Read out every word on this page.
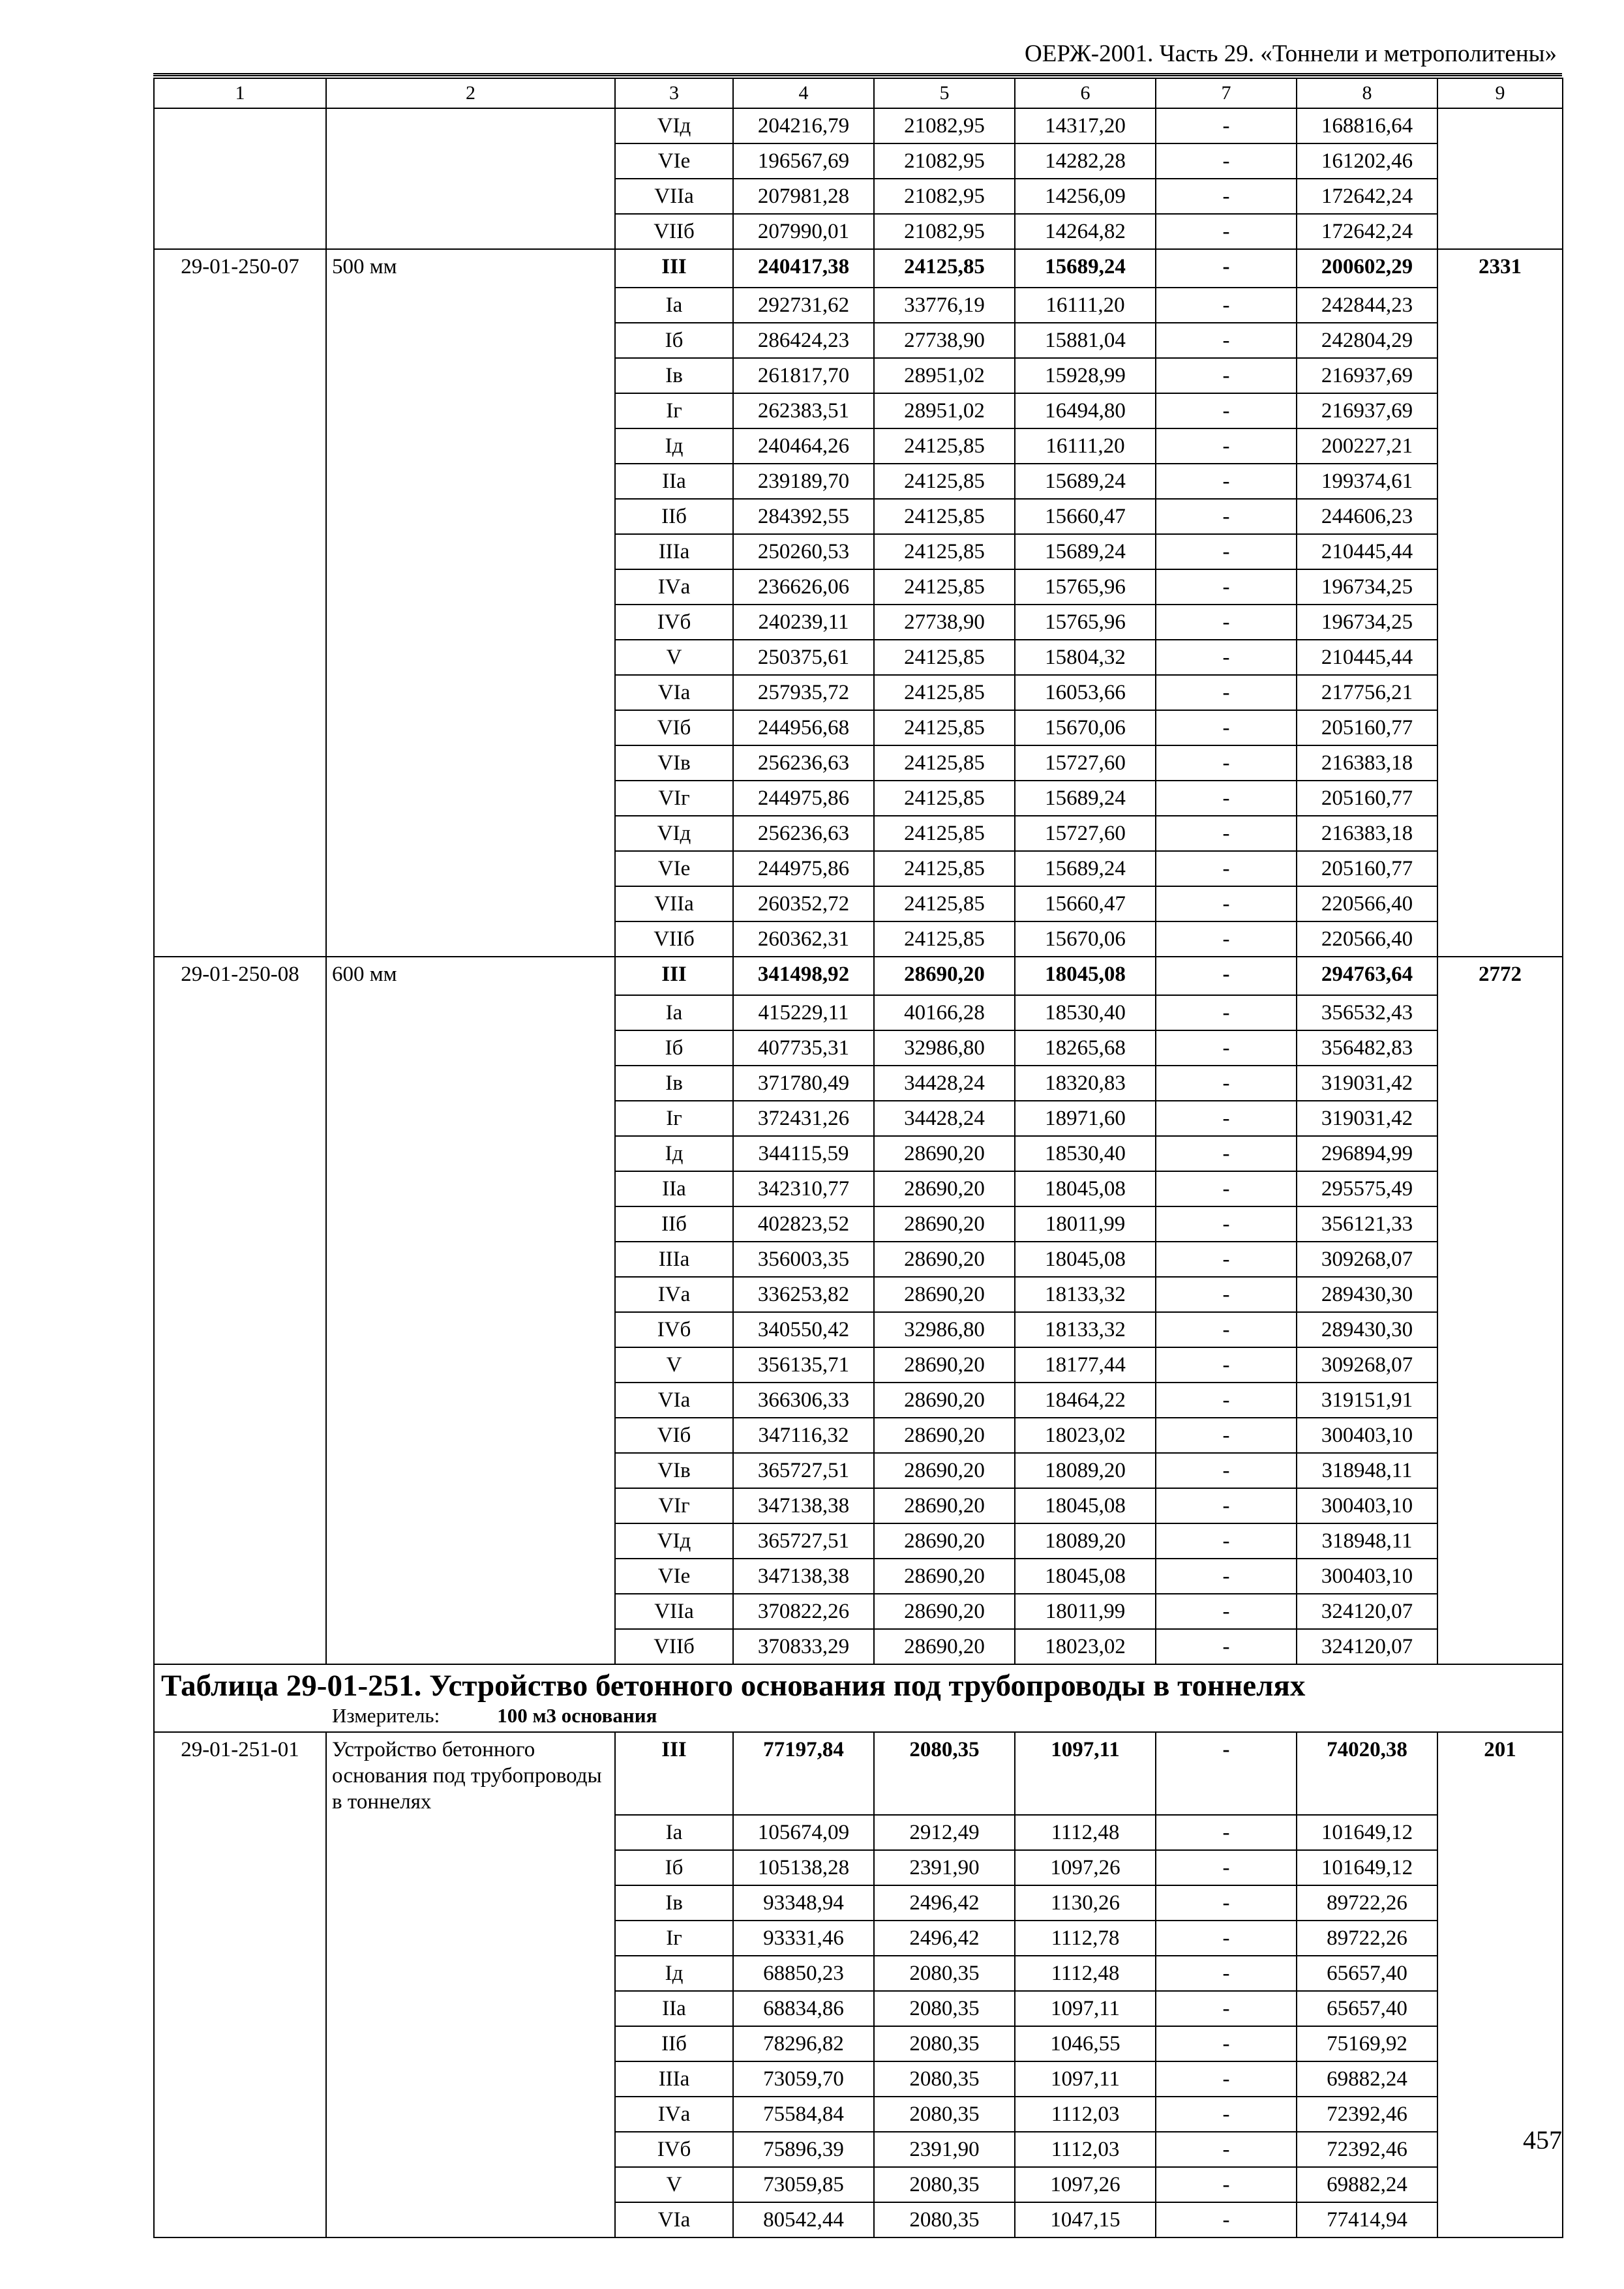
ОЕРЖ-2001. Часть 29. «Тоннели и метрополитены»
1	2	3	4	5	6	7	8	9
		VIд	204216,79	21082,95	14317,20	-	168816,64	
		VIе	196567,69	21082,95	14282,28	-	161202,46	
		VIIа	207981,28	21082,95	14256,09	-	172642,24	
		VIIб	207990,01	21082,95	14264,82	-	172642,24	
29-01-250-07	500 мм	III	240417,38	24125,85	15689,24	-	200602,29	2331
		Iа	292731,62	33776,19	16111,20	-	242844,23	
		Iб	286424,23	27738,90	15881,04	-	242804,29	
		Iв	261817,70	28951,02	15928,99	-	216937,69	
		Iг	262383,51	28951,02	16494,80	-	216937,69	
		Iд	240464,26	24125,85	16111,20	-	200227,21	
		IIа	239189,70	24125,85	15689,24	-	199374,61	
		IIб	284392,55	24125,85	15660,47	-	244606,23	
		IIIа	250260,53	24125,85	15689,24	-	210445,44	
		IVа	236626,06	24125,85	15765,96	-	196734,25	
		IVб	240239,11	27738,90	15765,96	-	196734,25	
		V	250375,61	24125,85	15804,32	-	210445,44	
		VIа	257935,72	24125,85	16053,66	-	217756,21	
		VIб	244956,68	24125,85	15670,06	-	205160,77	
		VIв	256236,63	24125,85	15727,60	-	216383,18	
		VIг	244975,86	24125,85	15689,24	-	205160,77	
		VIд	256236,63	24125,85	15727,60	-	216383,18	
		VIе	244975,86	24125,85	15689,24	-	205160,77	
		VIIа	260352,72	24125,85	15660,47	-	220566,40	
		VIIб	260362,31	24125,85	15670,06	-	220566,40	
29-01-250-08	600 мм	III	341498,92	28690,20	18045,08	-	294763,64	2772
		Iа	415229,11	40166,28	18530,40	-	356532,43	
		Iб	407735,31	32986,80	18265,68	-	356482,83	
		Iв	371780,49	34428,24	18320,83	-	319031,42	
		Iг	372431,26	34428,24	18971,60	-	319031,42	
		Iд	344115,59	28690,20	18530,40	-	296894,99	
		IIа	342310,77	28690,20	18045,08	-	295575,49	
		IIб	402823,52	28690,20	18011,99	-	356121,33	
		IIIа	356003,35	28690,20	18045,08	-	309268,07	
		IVа	336253,82	28690,20	18133,32	-	289430,30	
		IVб	340550,42	32986,80	18133,32	-	289430,30	
		V	356135,71	28690,20	18177,44	-	309268,07	
		VIа	366306,33	28690,20	18464,22	-	319151,91	
		VIб	347116,32	28690,20	18023,02	-	300403,10	
		VIв	365727,51	28690,20	18089,20	-	318948,11	
		VIг	347138,38	28690,20	18045,08	-	300403,10	
		VIд	365727,51	28690,20	18089,20	-	318948,11	
		VIе	347138,38	28690,20	18045,08	-	300403,10	
		VIIа	370822,26	28690,20	18011,99	-	324120,07	
		VIIб	370833,29	28690,20	18023,02	-	324120,07	

Таблица 29-01-251. Устройство бетонного основания под трубопроводы в тоннелях
Измеритель: 100 м3 основания								

29-01-251-01	Устройство бетонного основания под трубопроводы в тоннелях	III	77197,84	2080,35	1097,11	-	74020,38	201
		Iа	105674,09	2912,49	1112,48	-	101649,12	
		Iб	105138,28	2391,90	1097,26	-	101649,12	
		Iв	93348,94	2496,42	1130,26	-	89722,26	
		Iг	93331,46	2496,42	1112,78	-	89722,26	
		Iд	68850,23	2080,35	1112,48	-	65657,40	
		IIа	68834,86	2080,35	1097,11	-	65657,40	
		IIб	78296,82	2080,35	1046,55	-	75169,92	
		IIIа	73059,70	2080,35	1097,11	-	69882,24	
		IVа	75584,84	2080,35	1112,03	-	72392,46	
		IVб	75896,39	2391,90	1112,03	-	72392,46	
		V	73059,85	2080,35	1097,26	-	69882,24	
		VIа	80542,44	2080,35	1047,15	-	77414,94	
457
